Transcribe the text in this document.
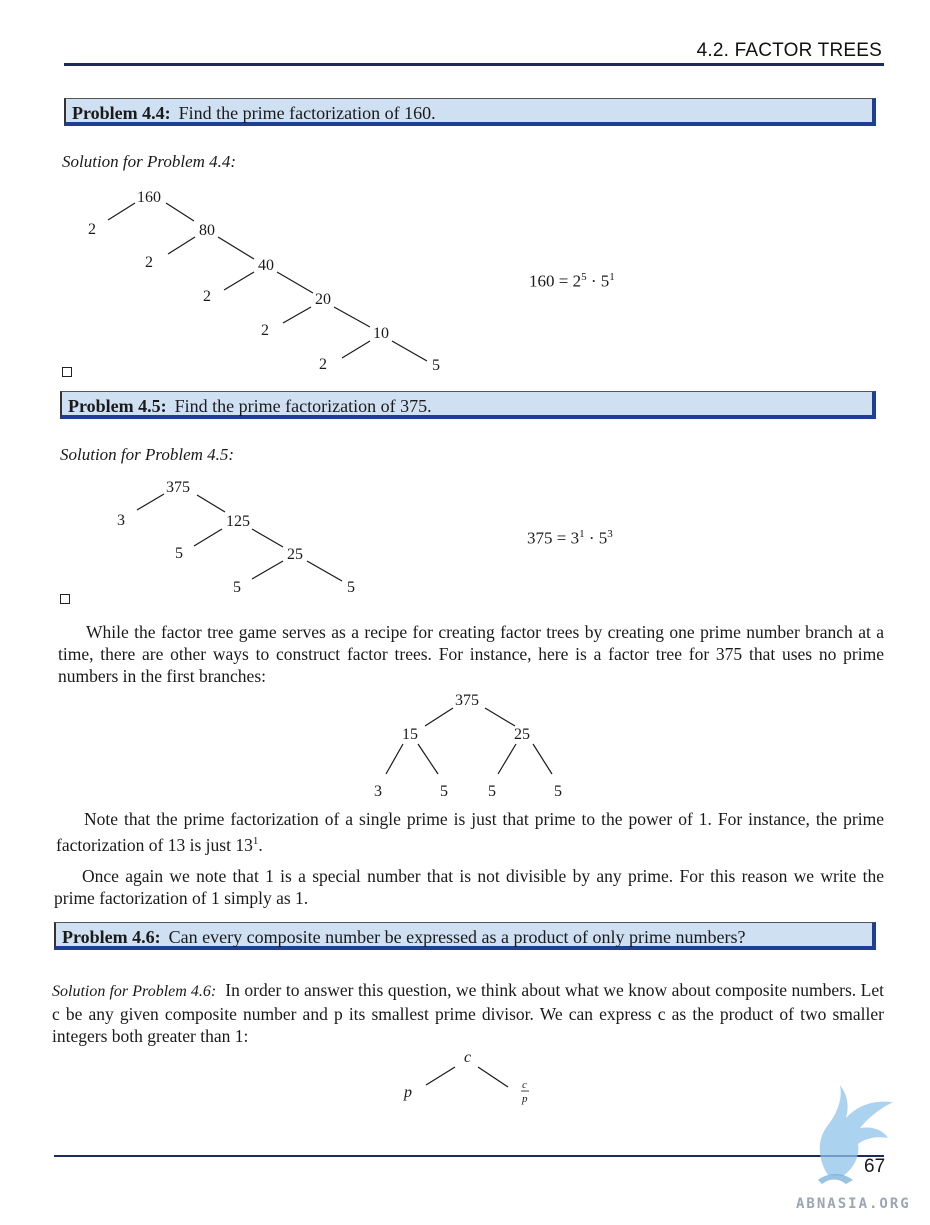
4.2. FACTOR TREES
Problem 4.4: Find the prime factorization of 160.
Solution for Problem 4.4:
160
2	80
2	40
2	20
2	10
2	5
$160 = 2^5 \cdot 5^1$
Problem 4.5: Find the prime factorization of 375.
Solution for Problem 4.5:
375
3	125
5	25
5	5
$375 = 3^1 \cdot 5^3$
While the factor tree game serves as a recipe for creating factor trees by creating one prime number branch at a time, there are other ways to construct factor trees. For instance, here is a factor tree for 375 that uses no prime numbers in the first branches:
375
15	25
3	5	5	5
Note that the prime factorization of a single prime is just that prime to the power of 1. For instance, the prime factorization of 13 is just $13^1$.
Once again we note that 1 is a special number that is not divisible by any prime. For this reason we write the prime factorization of 1 simply as 1.
Problem 4.6: Can every composite number be expressed as a product of only prime numbers?
Solution for Problem 4.6: In order to answer this question, we think about what we know about composite numbers. Let c be any given composite number and p its smallest prime divisor. We can express c as the product of two smaller integers both greater than 1:
c
p	c
p
67
ABNASIA.ORG
